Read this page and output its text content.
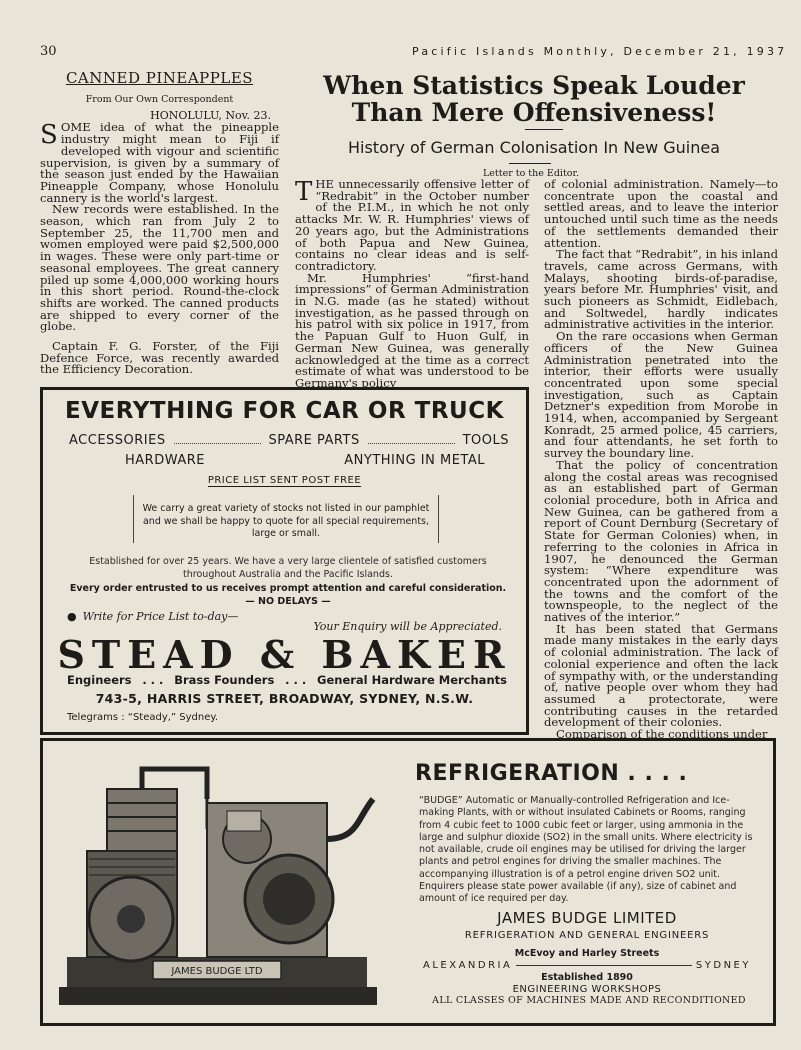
30	Pacific Islands Monthly, December 21, 1937
CANNED PINEAPPLES
From Our Own Correspondent
HONOLULU, Nov. 23.

SOME idea of what the pineapple industry might mean to Fiji if developed with vigour and scientific supervision, is given by a summary of the season just ended by the Hawaiian Pineapple Company, whose Honolulu cannery is the world's largest.

New records were established. In the season, which ran from July 2 to September 25, the 11,700 men and women employed were paid $2,500,000 in wages. These were only part-time or seasonal employees. The great cannery piled up some 4,000,000 working hours in this short period. Round-the-clock shifts are worked. The canned products are shipped to every corner of the globe.

Captain F. G. Forster, of the Fiji Defence Force, was recently awarded the Efficiency Decoration.

When Statistics Speak Louder Than Mere Offensiveness!
History of German Colonisation In New Guinea
Letter to the Editor.

THE unnecessarily offensive letter of “Redrabit” in the October number of the P.I.M., in which he not only attacks Mr. W. R. Humphries' views of 20 years ago, but the Administrations of both Papua and New Guinea, contains no clear ideas and is self-contradictory.

Mr. Humphries' “first-hand impressions” of German Administration in N.G. made (as he stated) without investigation, as he passed through on his patrol with six police in 1917, from the Papuan Gulf to Huon Gulf, in German New Guinea, was generally acknowledged at the time as a correct estimate of what was understood to be Germany's policy

of colonial administration. Namely—to concentrate upon the coastal and settled areas, and to leave the interior untouched until such time as the needs of the settlements demanded their attention.

The fact that “Redrabit”, in his inland travels, came across Germans, with Malays, shooting birds-of-paradise, years before Mr. Humphries' visit, and such pioneers as Schmidt, Eidlebach, and Soltwedel, hardly indicates administrative activities in the interior.

On the rare occasions when German officers of the New Guinea Administration penetrated into the interior, their efforts were usually concentrated upon some special investigation, such as Captain Detzner's expedition from Morobe in 1914, when, accompanied by Sergeant Konradt, 25 armed police, 45 carriers, and four attendants, he set forth to survey the boundary line.

That the policy of concentration along the costal areas was recognised as an established part of German colonial procedure, both in Africa and New Guinea, can be gathered from a report of Count Dernburg (Secretary of State for German Colonies) when, in referring to the colonies in Africa in 1907, he denounced the German system: “Where expenditure was concentrated upon the adornment of the towns and the comfort of the townspeople, to the neglect of the natives of the interior.”

It has been stated that Germans made many mistakes in the early days of colonial administration. The lack of colonial experience and often the lack of sympathy with, or the understanding of, native people over whom they had assumed a protectorate, were contributing causes in the retarded development of their colonies.

Comparison of the conditions under

EVERYTHING FOR CAR OR TRUCK
ACCESSORIES	SPARE PARTS	TOOLS
HARDWARE	ANYTHING IN METAL
PRICE LIST SENT POST FREE
We carry a great variety of stocks not listed in our pamphlet and we shall be happy to quote for all special requirements, large or small.
Established for over 25 years. We have a very large clientele of satisfied customers throughout Australia and the Pacific Islands.
Every order entrusted to us receives prompt attention and careful consideration.
— NO DELAYS —
● Write for Price List to-day—
Your Enquiry will be Appreciated.
STEAD & BAKER
Engineers . . . Brass Founders . . . General Hardware Merchants
743-5, HARRIS STREET, BROADWAY, SYDNEY, N.S.W.
Telegrams : “Steady,” Sydney.
JAMES BUDGE LTD
REFRIGERATION . . . .
“BUDGE” Automatic or Manually-controlled Refrigeration and Ice-making Plants, with or without insulated Cabinets or Rooms, ranging from 4 cubic feet to 1000 cubic feet or larger, using ammonia in the large and sulphur dioxide (SO2) in the small units. Where electricity is not available, crude oil engines may be utilised for driving the larger plants and petrol engines for driving the smaller machines. The accompanying illustration is of a petrol engine driven SO2 unit. Enquirers please state power available (if any), size of cabinet and amount of ice required per day.
JAMES BUDGE LIMITED
REFRIGERATION AND GENERAL ENGINEERS
McEvoy and Harley Streets
ALEXANDRIA	SYDNEY
Established 1890
ENGINEERING WORKSHOPS
ALL CLASSES OF MACHINES MADE AND RECONDITIONED
